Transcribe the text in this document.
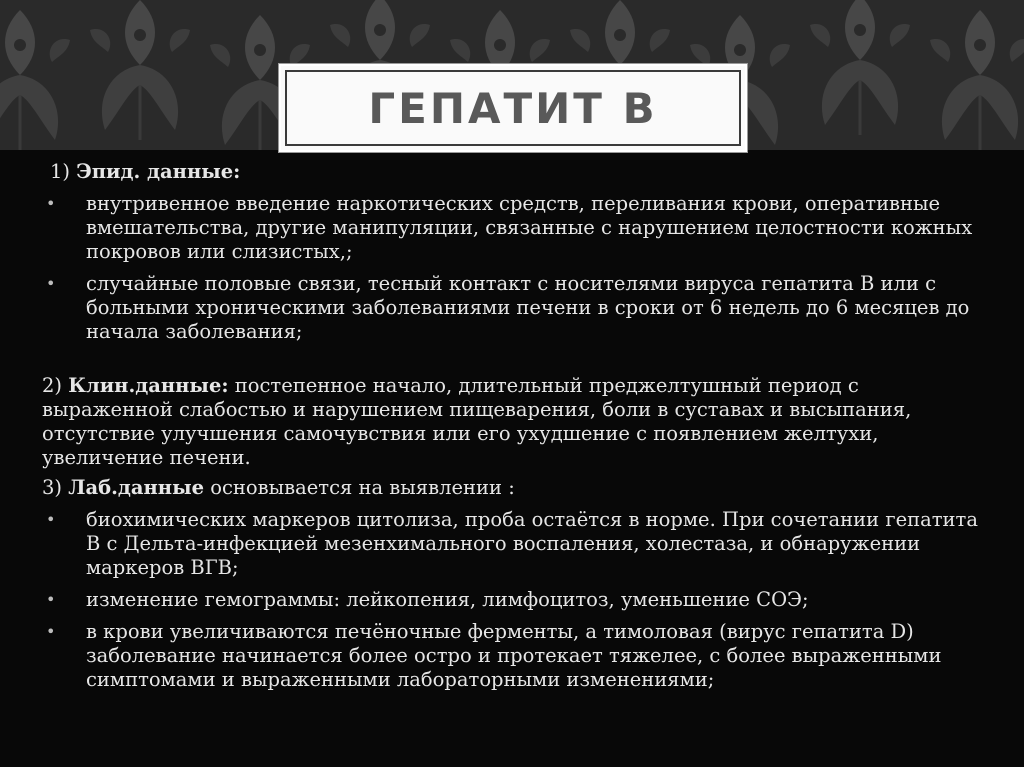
ГЕПАТИТ В
1) Эпид. данные:
• внутривенное введение наркотических средств, переливания крови, оперативные вмешательства, другие манипуляции, связанные с нарушением целостности кожных покровов или слизистых,;
• случайные половые связи, тесный контакт с носителями вируса гепатита В или с больными хроническими заболеваниями печени в сроки от 6 недель до 6 месяцев до начала заболевания;

2) Клин.данные: постепенное начало, длительный преджелтушный период с выраженной слабостью и нарушением пищеварения, боли в суставах и высыпания, отсутствие улучшения самочувствия или его ухудшение с появлением желтухи, увеличение печени.

3) Лаб.данные основывается на выявлении :

• биохимических маркеров цитолиза, проба остаётся в норме. При сочетании гепатита В с Дельта-инфекцией мезенхимального воспаления, холестаза, и обнаружении маркеров ВГВ;
• изменение гемограммы: лейкопения, лимфоцитоз, уменьшение СОЭ;
• в крови увеличиваются печёночные ферменты, а тимоловая (вирус гепатита D) заболевание начинается более остро и протекает тяжелее, с более выраженными симптомами и выраженными лабораторными изменениями;
